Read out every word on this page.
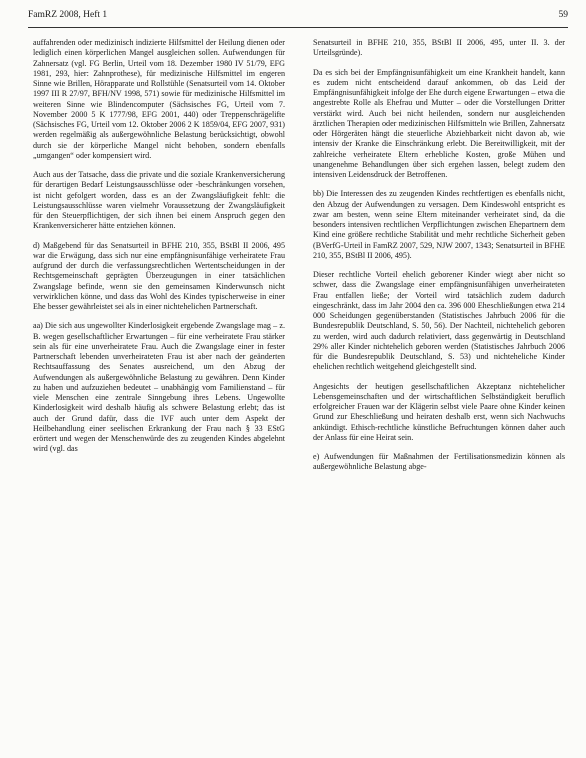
FamRZ 2008, Heft 1	59

auffahrenden oder medizinisch indizierte Hilfsmittel der Heilung dienen oder lediglich einen körperlichen Mangel ausgleichen sollen. Aufwendungen für Zahnersatz (vgl. FG Berlin, Urteil vom 18. Dezember 1980 IV 51/79, EFG 1981, 293, hier: Zahnprothese), für medizinische Hilfsmittel im engeren Sinne wie Brillen, Hörapparate und Rollstühle (Senatsurteil vom 14. Oktober 1997 III R 27/97, BFH/NV 1998, 571) sowie für medizinische Hilfsmittel im weiteren Sinne wie Blindencomputer (Sächsisches FG, Urteil vom 7. November 2000 5 K 1777/98, EFG 2001, 440) oder Treppenschrägelifte (Sächsisches FG, Urteil vom 12. Oktober 2006 2 K 1859/04, EFG 2007, 931) werden regelmäßig als außergewöhnliche Belastung berücksichtigt, obwohl durch sie der körperliche Mangel nicht behoben, sondern ebenfalls „umgangen“ oder kompensiert wird.

Auch aus der Tatsache, dass die private und die soziale Krankenversicherung für derartigen Bedarf Leistungsausschlüsse oder -beschränkungen vorsehen, ist nicht gefolgert worden, dass es an der Zwangsläufigkeit fehlt: die Leistungsausschlüsse waren vielmehr Voraussetzung der Zwangsläufigkeit für den Steuerpflichtigen, der sich ihnen bei einem Anspruch gegen den Krankenversicherer hätte entziehen können.

d) Maßgebend für das Senatsurteil in BFHE 210, 355, BStBl II 2006, 495 war die Erwägung, dass sich nur eine empfängnisunfähige verheiratete Frau aufgrund der durch die verfassungsrechtlichen Wertentscheidungen in der Rechtsgemeinschaft geprägten Überzeugungen in einer tatsächlichen Zwangslage befinde, wenn sie den gemeinsamen Kinderwunsch nicht verwirklichen könne, und dass das Wohl des Kindes typischerweise in einer Ehe besser gewährleistet sei als in einer nichtehelichen Partnerschaft.

aa) Die sich aus ungewollter Kinderlosigkeit ergebende Zwangslage mag – z. B. wegen gesellschaftlicher Erwartungen – für eine verheiratete Frau stärker sein als für eine unverheiratete Frau. Auch die Zwangslage einer in fester Partnerschaft lebenden unverheirateten Frau ist aber nach der geänderten Rechtsauffassung des Senates ausreichend, um den Abzug der Aufwendungen als außergewöhnliche Belastung zu gewähren. Denn Kinder zu haben und aufzuziehen bedeutet – unabhängig vom Familienstand – für viele Menschen eine zentrale Sinngebung ihres Lebens. Ungewollte Kinderlosigkeit wird deshalb häufig als schwere Belastung erlebt; das ist auch der Grund dafür, dass die IVF auch unter dem Aspekt der Heilbehandlung einer seelischen Erkrankung der Frau nach § 33 EStG erörtert und wegen der Menschenwürde des zu zeugenden Kindes abgelehnt wird (vgl. das

Senatsurteil in BFHE 210, 355, BStBl II 2006, 495, unter II. 3. der Urteilsgründe).

Da es sich bei der Empfängnisunfähigkeit um eine Krankheit handelt, kann es zudem nicht entscheidend darauf ankommen, ob das Leid der Empfängnisunfähigkeit infolge der Ehe durch eigene Erwartungen – etwa die angestrebte Rolle als Ehefrau und Mutter – oder die Vorstellungen Dritter verstärkt wird. Auch bei nicht heilenden, sondern nur ausgleichenden ärztlichen Therapien oder medizinischen Hilfsmitteln wie Brillen, Zahnersatz oder Hörgeräten hängt die steuerliche Abziehbarkeit nicht davon ab, wie intensiv der Kranke die Einschränkung erlebt. Die Bereitwilligkeit, mit der zahlreiche verheiratete Eltern erhebliche Kosten, große Mühen und unangenehme Behandlungen über sich ergehen lassen, belegt zudem den intensiven Leidensdruck der Betroffenen.

bb) Die Interessen des zu zeugenden Kindes rechtfertigen es ebenfalls nicht, den Abzug der Aufwendungen zu versagen. Dem Kindeswohl entspricht es zwar am besten, wenn seine Eltern miteinander verheiratet sind, da die besonders intensiven rechtlichen Verpflichtungen zwischen Ehepartnern dem Kind eine größere rechtliche Stabilität und mehr rechtliche Sicherheit geben (BVerfG-Urteil in FamRZ 2007, 529, NJW 2007, 1343; Senatsurteil in BFHE 210, 355, BStBl II 2006, 495).

Dieser rechtliche Vorteil ehelich geborener Kinder wiegt aber nicht so schwer, dass die Zwangslage einer empfängnisunfähigen unverheirateten Frau entfallen ließe; der Vorteil wird tatsächlich zudem dadurch eingeschränkt, dass im Jahr 2004 den ca. 396 000 Eheschließungen etwa 214 000 Scheidungen gegenüberstanden (Statistisches Jahrbuch 2006 für die Bundesrepublik Deutschland, S. 50, 56). Der Nachteil, nichtehelich geboren zu werden, wird auch dadurch relativiert, dass gegenwärtig in Deutschland 29% aller Kinder nichtehelich geboren werden (Statistisches Jahrbuch 2006 für die Bundesrepublik Deutschland, S. 53) und nichteheliche Kinder ehelichen rechtlich weitgehend gleichgestellt sind.

Angesichts der heutigen gesellschaftlichen Akzeptanz nichtehelicher Lebensgemeinschaften und der wirtschaftlichen Selbständigkeit beruflich erfolgreicher Frauen war der Klägerin selbst viele Paare ohne Kinder keinen Grund zur Eheschließung und heiraten deshalb erst, wenn sich Nachwuchs ankündigt. Ethisch-rechtliche künstliche Befruchtungen können daher auch der Anlass für eine Heirat sein.

e) Aufwendungen für Maßnahmen der Fertilisationsmedizin können als außergewöhnliche Belastung abge-
